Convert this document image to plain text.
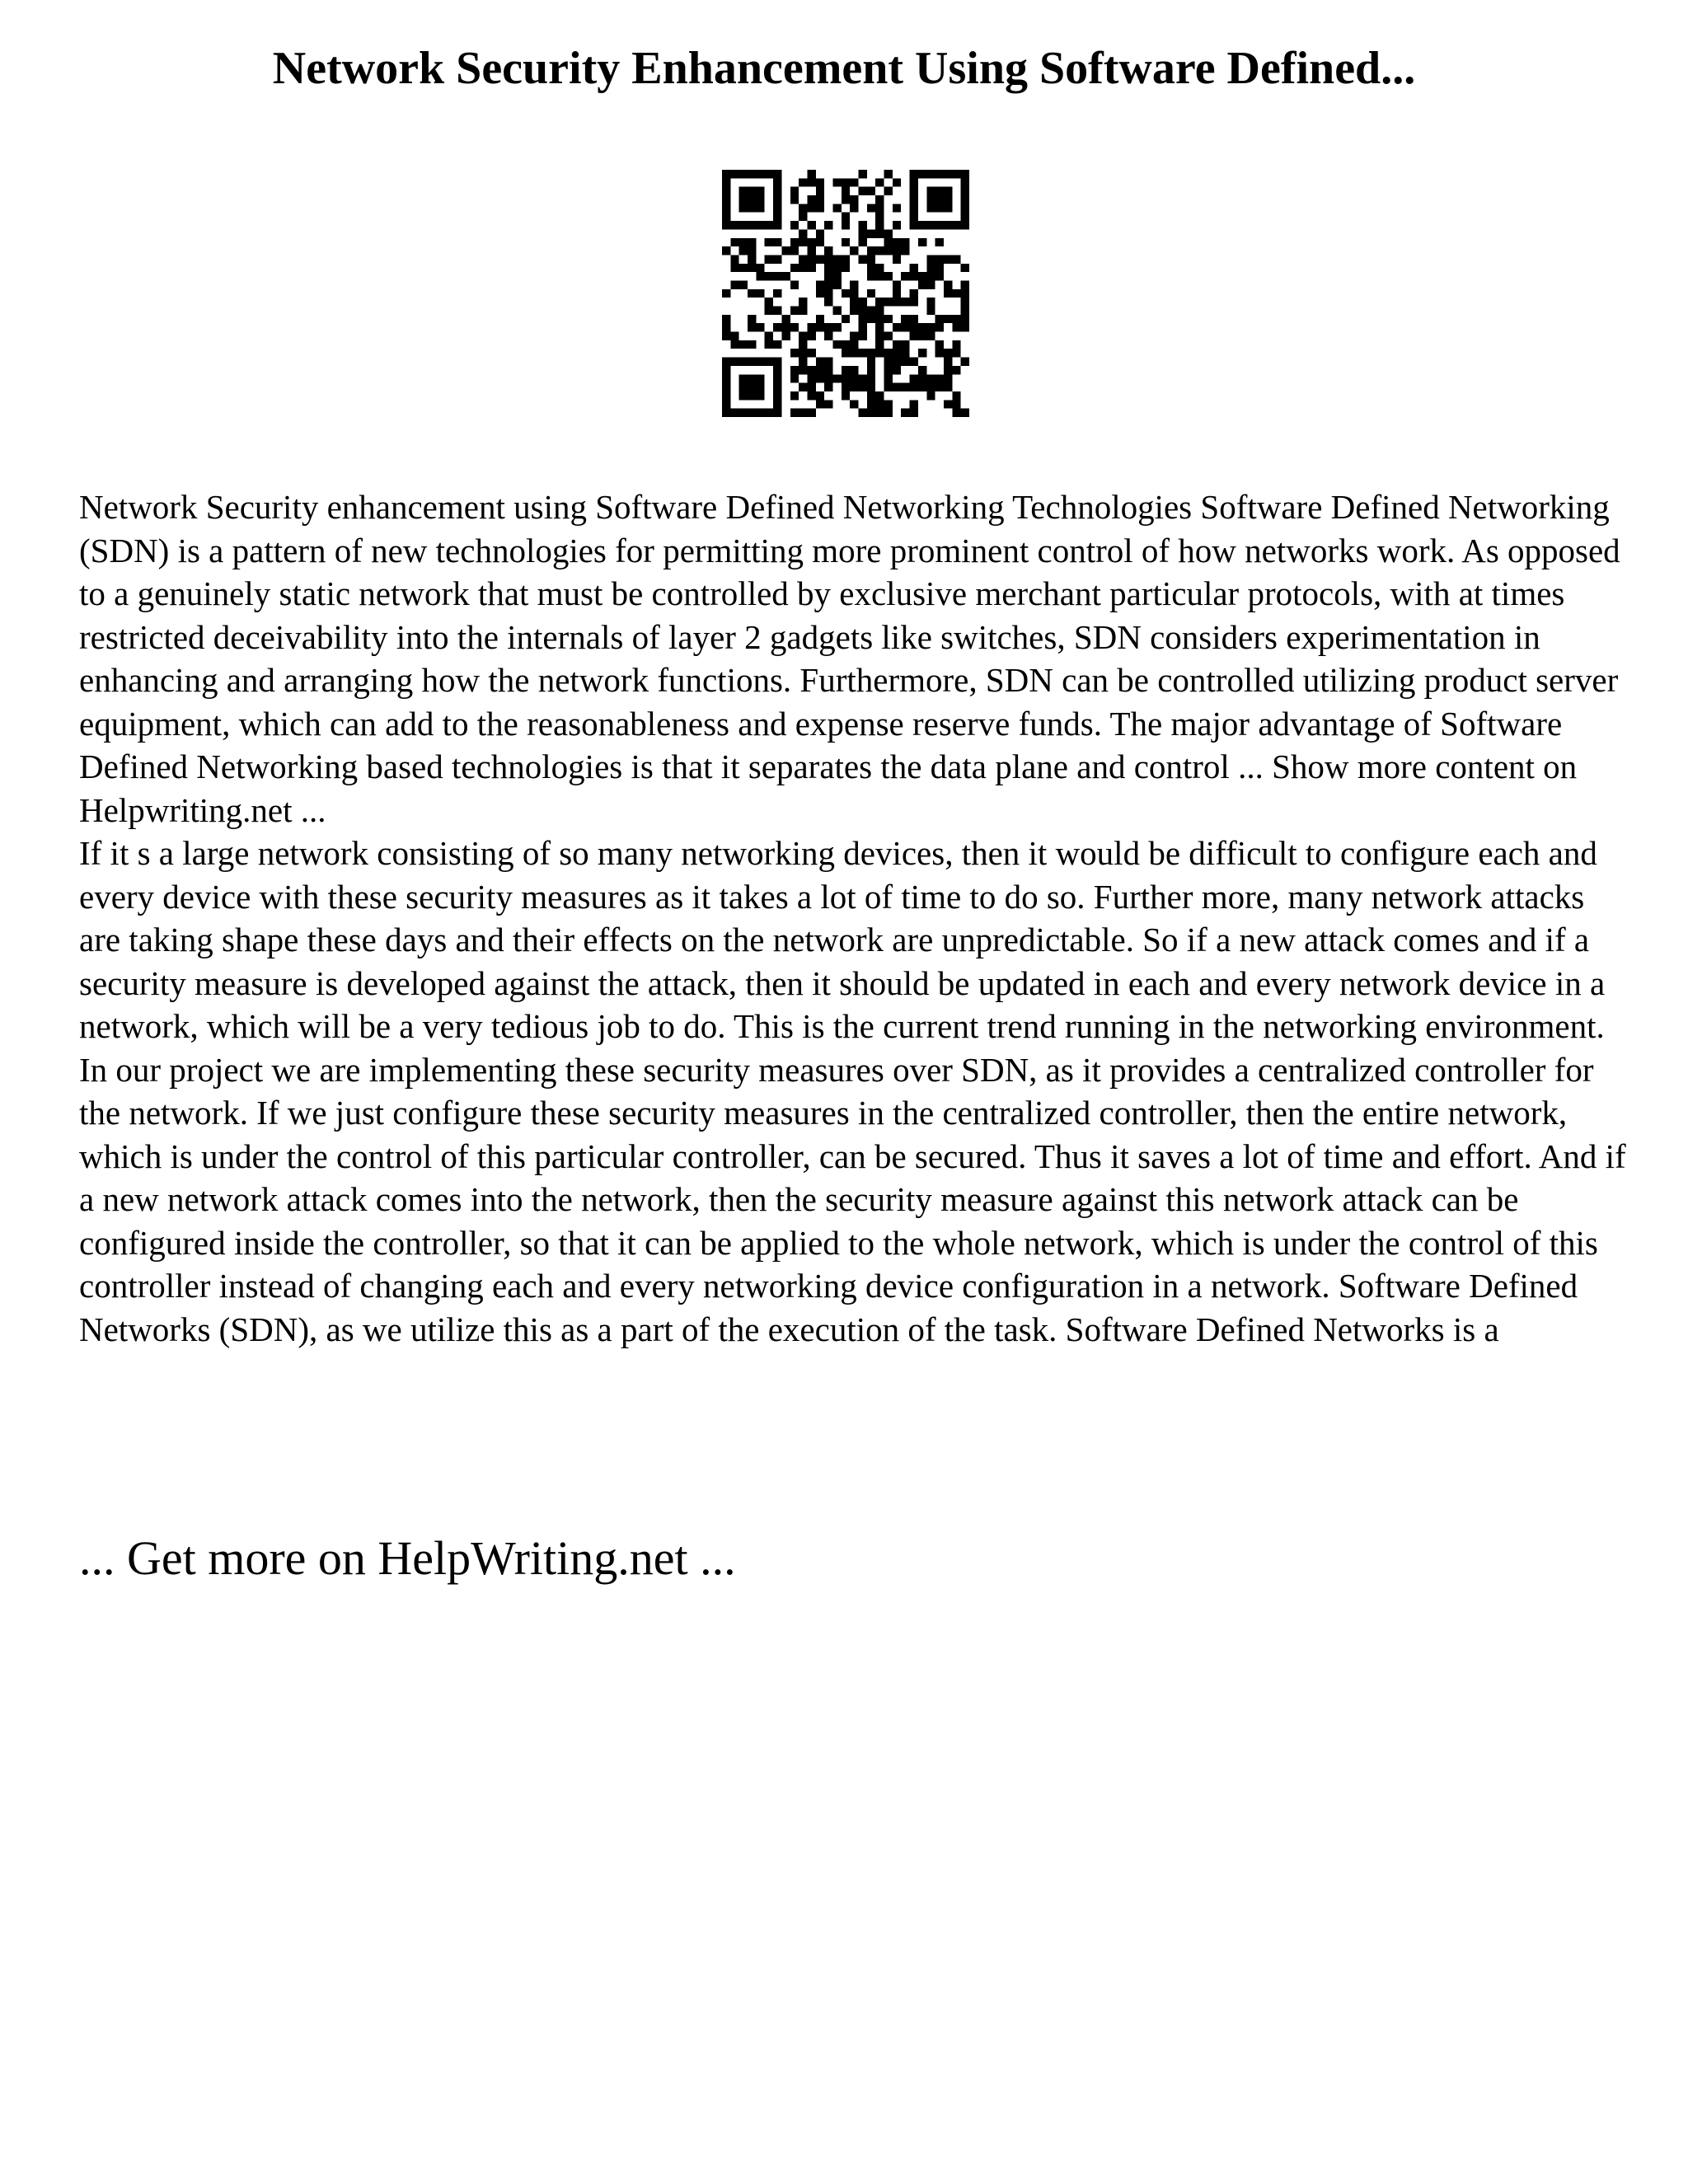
Network Security Enhancement Using Software Defined...

Network Security enhancement using Software Defined Networking Technologies Software Defined Networking (SDN) is a pattern of new technologies for permitting more prominent control of how networks work. As opposed to a genuinely static network that must be controlled by exclusive merchant particular protocols, with at times restricted deceivability into the internals of layer 2 gadgets like switches, SDN considers experimentation in enhancing and arranging how the network functions. Furthermore, SDN can be controlled utilizing product server equipment, which can add to the reasonableness and expense reserve funds. The major advantage of Software Defined Networking based technologies is that it separates the data plane and control ... Show more content on Helpwriting.net ...

If it s a large network consisting of so many networking devices, then it would be difficult to configure each and every device with these security measures as it takes a lot of time to do so. Further more, many network attacks are taking shape these days and their effects on the network are unpredictable. So if a new attack comes and if a security measure is developed against the attack, then it should be updated in each and every network device in a network, which will be a very tedious job to do. This is the current trend running in the networking environment. In our project we are implementing these security measures over SDN, as it provides a centralized controller for the network. If we just configure these security measures in the centralized controller, then the entire network, which is under the control of this particular controller, can be secured. Thus it saves a lot of time and effort. And if a new network attack comes into the network, then the security measure against this network attack can be configured inside the controller, so that it can be applied to the whole network, which is under the control of this controller instead of changing each and every networking device configuration in a network. Software Defined Networks (SDN), as we utilize this as a part of the execution of the task. Software Defined Networks is a

... Get more on HelpWriting.net ...
